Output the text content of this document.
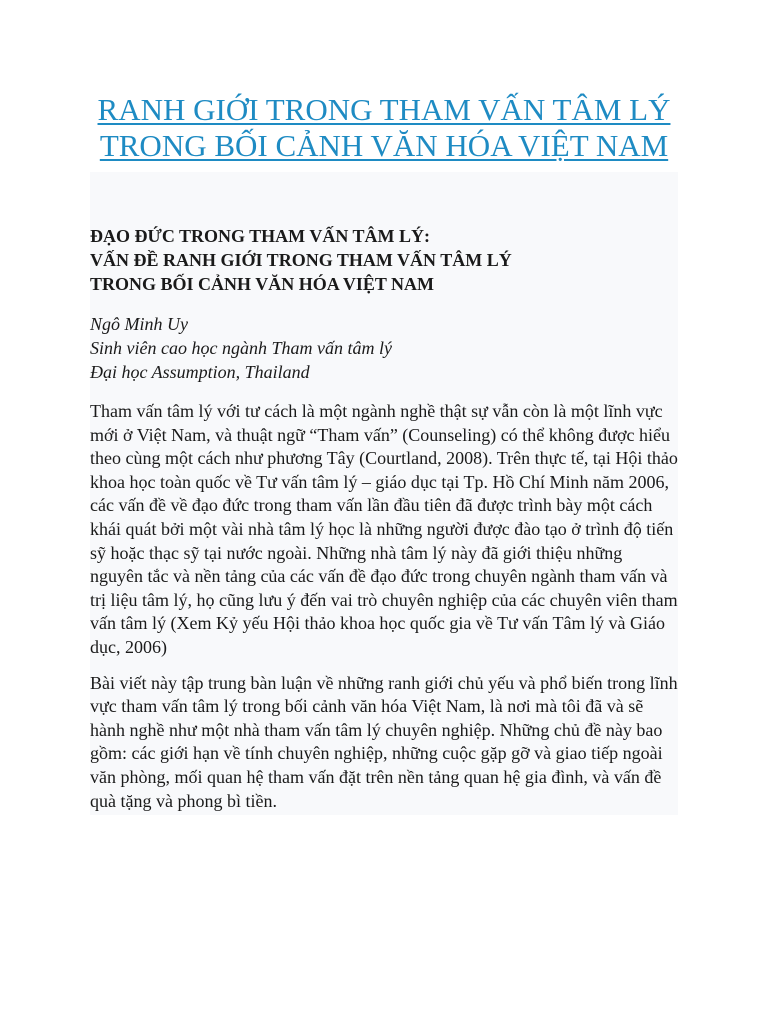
RANH GIỚI TRONG THAM VẤN TÂM LÝ
TRONG BỐI CẢNH VĂN HÓA VIỆT NAM
ĐẠO ĐỨC TRONG THAM VẤN TÂM LÝ:
VẤN ĐỀ RANH GIỚI TRONG THAM VẤN TÂM LÝ
TRONG BỐI CẢNH VĂN HÓA VIỆT NAM
Ngô Minh Uy
Sinh viên cao học ngành Tham vấn tâm lý
Đại học Assumption, Thailand

Tham vấn tâm lý với tư cách là một ngành nghề thật sự vẫn còn là một lĩnh vực mới ở Việt Nam, và thuật ngữ “Tham vấn” (Counseling) có thể không được hiểu theo cùng một cách như phương Tây (Courtland, 2008). Trên thực tế, tại Hội thảo khoa học toàn quốc về Tư vấn tâm lý – giáo dục tại Tp. Hồ Chí Minh năm 2006, các vấn đề về đạo đức trong tham vấn lần đầu tiên đã được trình bày một cách khái quát bởi một vài nhà tâm lý học là những người được đào tạo ở trình độ tiến sỹ hoặc thạc sỹ tại nước ngoài. Những nhà tâm lý này đã giới thiệu những nguyên tắc và nền tảng của các vấn đề đạo đức trong chuyên ngành tham vấn và trị liệu tâm lý, họ cũng lưu ý đến vai trò chuyên nghiệp của các chuyên viên tham vấn tâm lý (Xem Kỷ yếu Hội thảo khoa học quốc gia về Tư vấn Tâm lý và Giáo dục, 2006)

Bài viết này tập trung bàn luận về những ranh giới chủ yếu và phổ biến trong lĩnh vực tham vấn tâm lý trong bối cảnh văn hóa Việt Nam, là nơi mà tôi đã và sẽ hành nghề như một nhà tham vấn tâm lý chuyên nghiệp. Những chủ đề này bao gồm: các giới hạn về tính chuyên nghiệp, những cuộc gặp gỡ và giao tiếp ngoài văn phòng, mối quan hệ tham vấn đặt trên nền tảng quan hệ gia đình, và vấn đề quà tặng và phong bì tiền.
